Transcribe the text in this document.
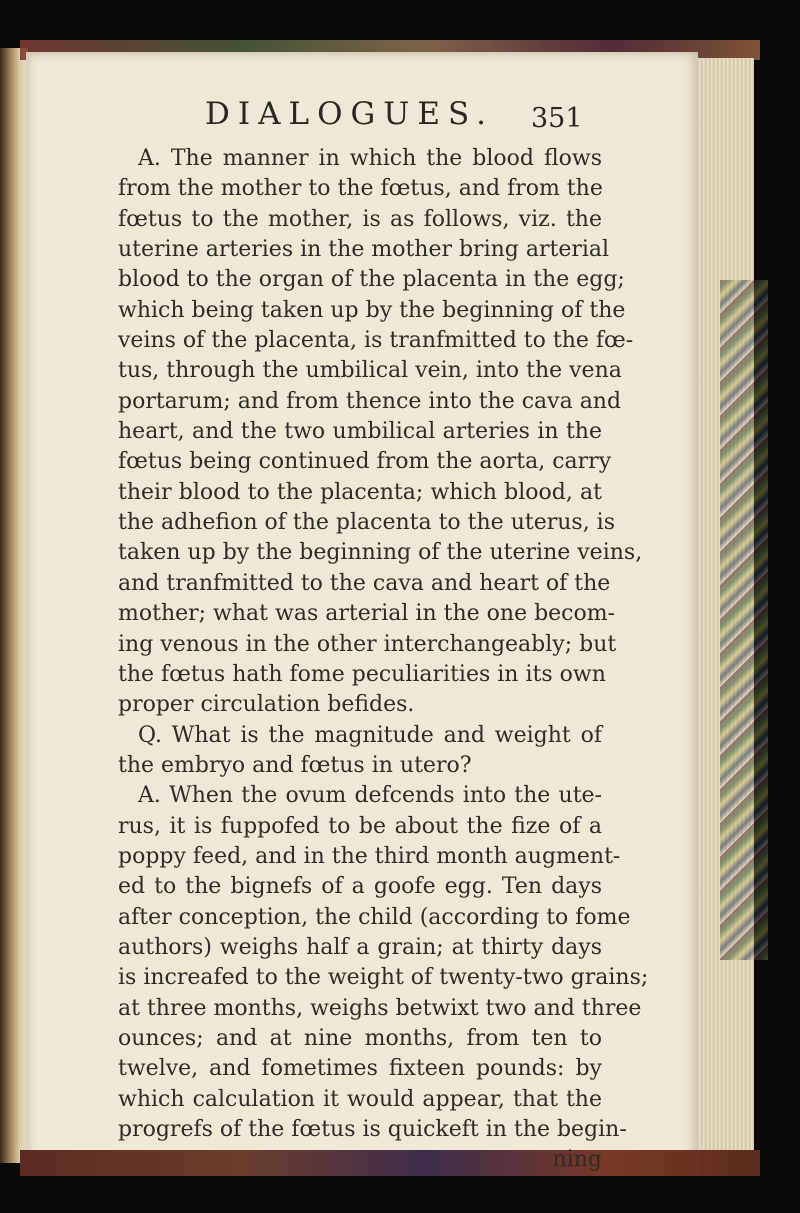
DIALOGUES. 351
A. The manner in which the blood flows
from the mother to the fœtus, and from the
fœtus to the mother, is as follows, viz. the
uterine arteries in the mother bring arterial
blood to the organ of the placenta in the egg;
which being taken up by the beginning of the
veins of the placenta, is tranfmitted to the fœ-
tus, through the umbilical vein, into the vena
portarum; and from thence into the cava and
heart, and the two umbilical arteries in the
fœtus being continued from the aorta, carry
their blood to the placenta; which blood, at
the adhefion of the placenta to the uterus, is
taken up by the beginning of the uterine veins,
and tranfmitted to the cava and heart of the
mother; what was arterial in the one becom-
ing venous in the other interchangeably; but
the fœtus hath fome peculiarities in its own
proper circulation befides.
Q. What is the magnitude and weight of
the embryo and fœtus in utero?
A. When the ovum defcends into the ute-
rus, it is fuppofed to be about the fize of a
poppy feed, and in the third month augment-
ed to the bignefs of a goofe egg. Ten days
after conception, the child (according to fome
authors) weighs half a grain; at thirty days
is increafed to the weight of twenty-two grains;
at three months, weighs betwixt two and three
ounces; and at nine months, from ten to
twelve, and fometimes fixteen pounds: by
which calculation it would appear, that the
progrefs of the fœtus is quickeft in the begin-
ning
